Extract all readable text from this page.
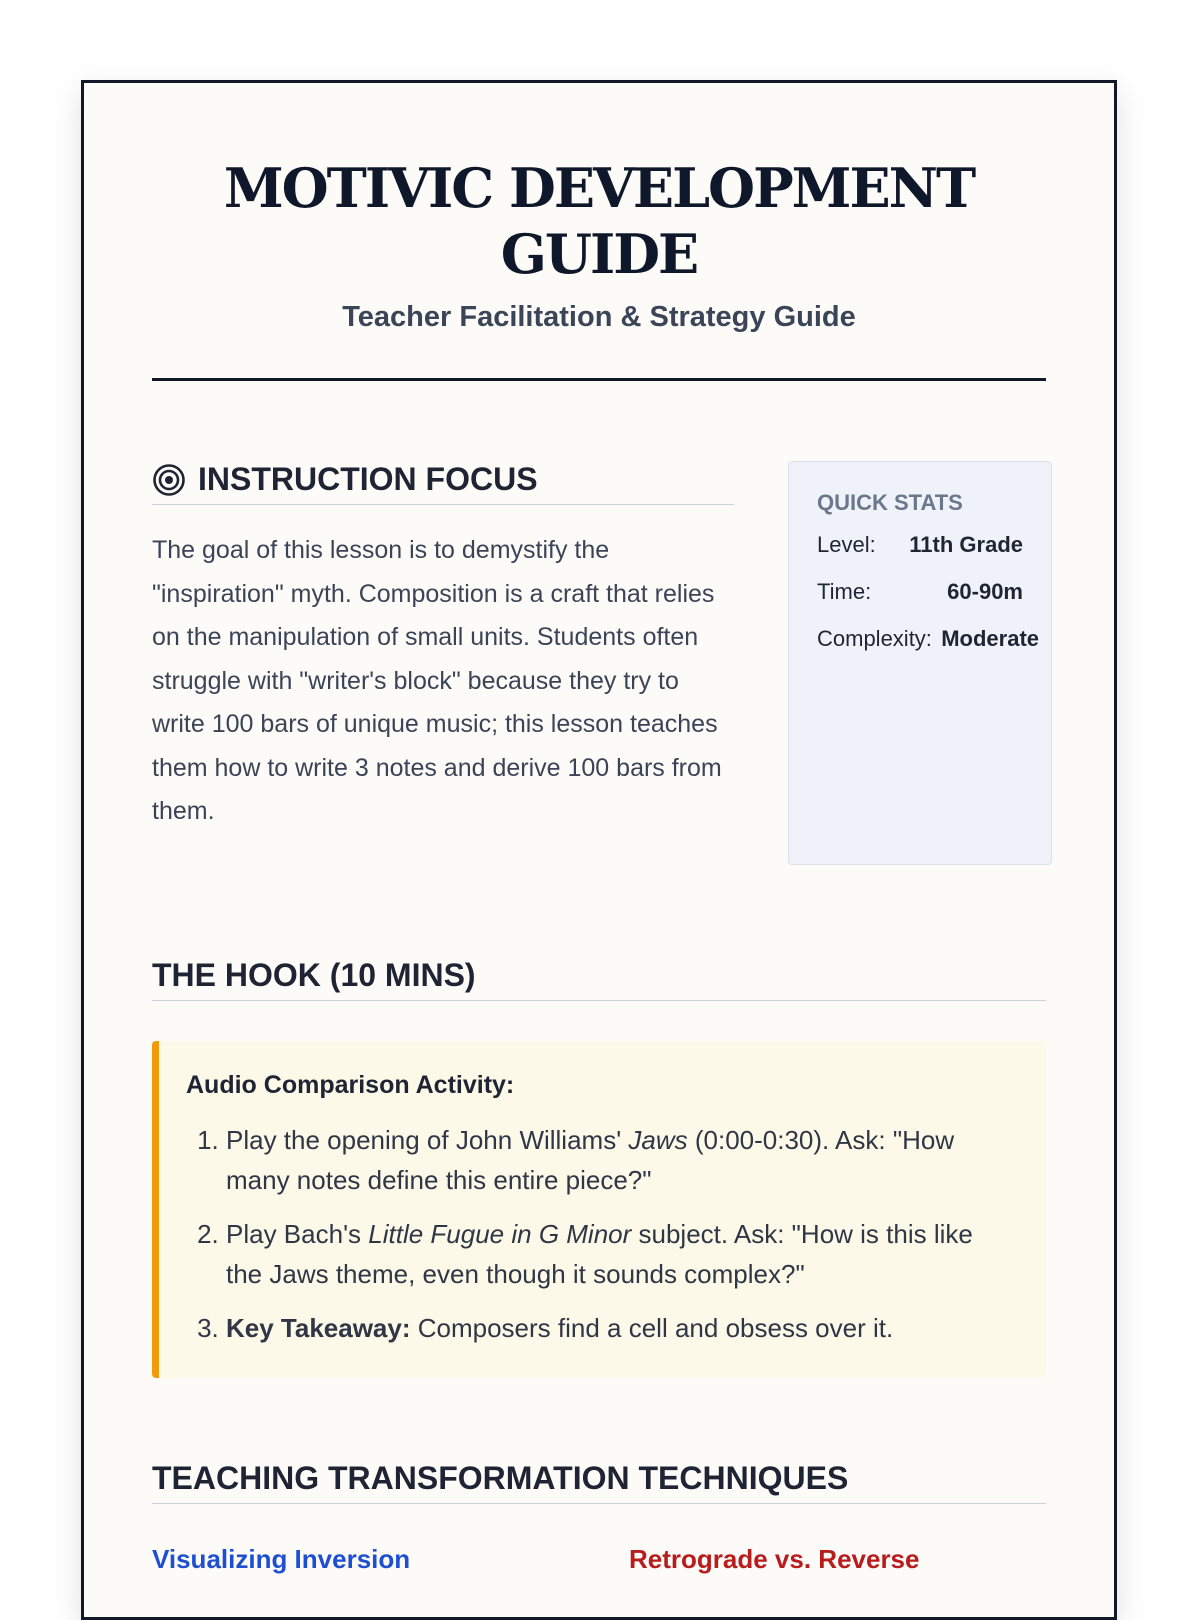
MOTIVIC DEVELOPMENT GUIDE
Teacher Facilitation & Strategy Guide
INSTRUCTION FOCUS

The goal of this lesson is to demystify the "inspiration" myth. Composition is a craft that relies on the manipulation of small units. Students often struggle with "writer's block" because they try to write 100 bars of unique music; this lesson teaches them how to write 3 notes and derive 100 bars from them.

QUICK STATS
Level: 11th Grade
Time:	60-90m
Complexity: Moderate
THE HOOK (10 MINS)
Audio Comparison Activity:
1. Play the opening of John Williams' Jaws (0:00-0:30). Ask: "How many notes define this entire piece?"
2. Play Bach's Little Fugue in G Minor subject. Ask: "How is this like the Jaws theme, even though it sounds complex?"
3. Key Takeaway: Composers find a cell and obsess over it.
TEACHING TRANSFORMATION TECHNIQUES
Visualizing Inversion	Retrograde vs. Reverse
